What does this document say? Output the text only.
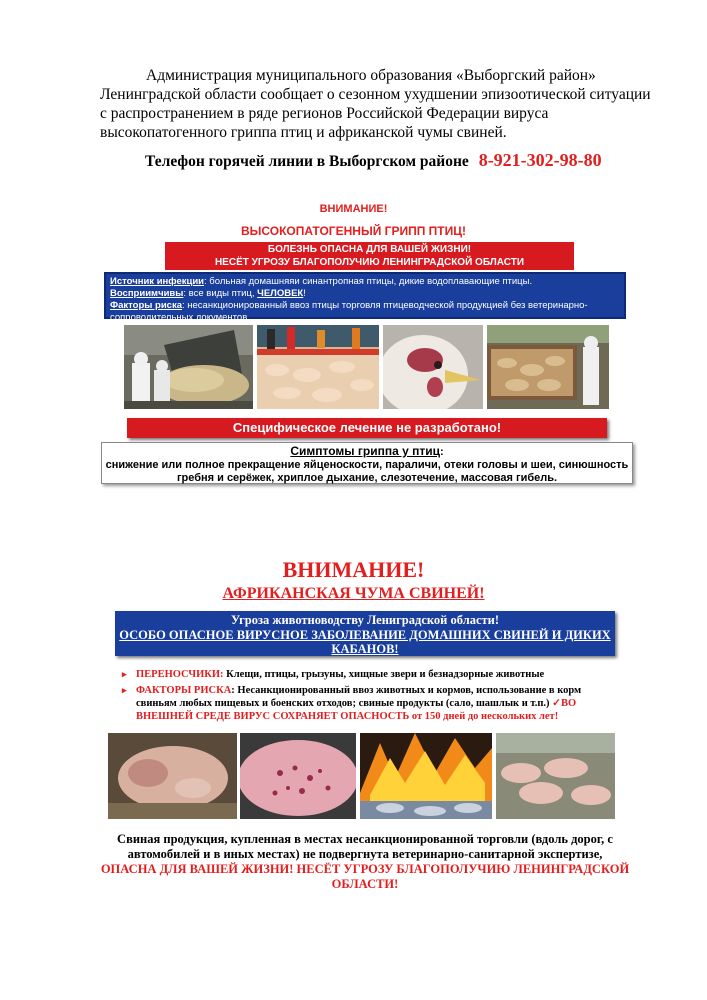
Администрация муниципального образования «Выборгский район» Ленинградской области сообщает о сезонном ухудшении эпизоотической ситуации с распространением в ряде регионов Российской Федерации вируса высокопатогенного гриппа птиц и африканской чумы свиней.
Телефон горячей линии в Выборгском районе 8-921-302-98-80
ВНИМАНИЕ!
ВЫСОКОПАТОГЕННЫЙ ГРИПП ПТИЦ!
БОЛЕЗНЬ ОПАСНА ДЛЯ ВАШЕЙ ЖИЗНИ!
НЕСЁТ УГРОЗУ БЛАГОПОЛУЧИЮ ЛЕНИНГРАДСКОЙ ОБЛАСТИ
Источник инфекции: больная домашняяи синантропная птицы, дикие водоплавающие птицы.
Восприимчивы: все виды птиц, ЧЕЛОВЕК!
Факторы риска: несанкционированный ввоз птицы торговля птицеводческой продукцией без ветеринарно-сопроводительных документов.
Специфическое лечение не разработано!
Симптомы гриппа у птиц:
снижение или полное прекращение яйценоскости, параличи, отеки головы и шеи, синюшность гребня и серёжек, хриплое дыхание, слезотечение, массовая гибель.
ВНИМАНИЕ!
АФРИКАНСКАЯ ЧУМА СВИНЕЙ!
Угроза животноводству Лениградской области!
ОСОБО ОПАСНОЕ ВИРУСНОЕ ЗАБОЛЕВАНИЕ ДОМАШНИХ СВИНЕЙ И ДИКИХ КАБАНОВ!
▸ ПЕРЕНОСЧИКИ: Клещи, птицы, грызуны, хищные звери и безнадзорные животные
▸ ФАКТОРЫ РИСКА: Несанкционированный ввоз животных и кормов, использование в корм свиньям любых пищевых и боенских отходов; свиные продукты (сало, шашлык и т.п.) ✓ВО ВНЕШНЕЙ СРЕДЕ ВИРУС СОХРАНЯЕТ ОПАСНОСТЬ от 150 дней до нескольких лет!
Свиная продукция, купленная в местах несанкционированной торговли (вдоль дорог, с автомобилей и в иных местах) не подвергнута ветеринарно-санитарной экспертизе,
ОПАСНА ДЛЯ ВАШЕЙ ЖИЗНИ! НЕСЁТ УГРОЗУ БЛАГОПОЛУЧИЮ ЛЕНИНГРАДСКОЙ ОБЛАСТИ!
